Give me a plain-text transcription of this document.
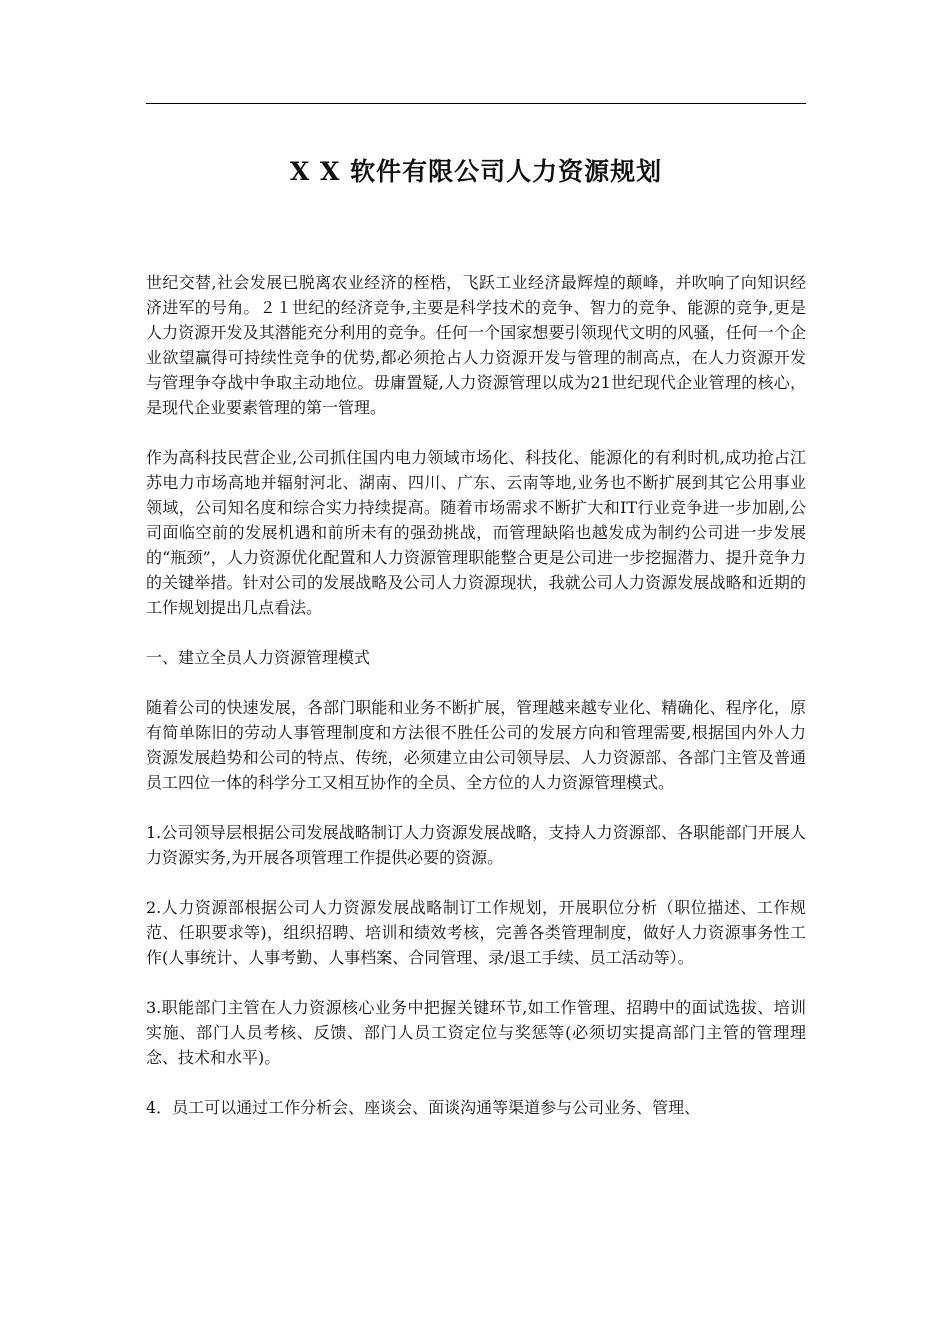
X X 软件有限公司人力资源规划

世纪交替,社会发展已脱离农业经济的桎梏，飞跃工业经济最辉煌的颠峰，并吹响了向知识经济进军的号角。２１世纪的经济竞争,主要是科学技术的竞争、智力的竞争、能源的竞争,更是人力资源开发及其潜能充分利用的竞争。任何一个国家想要引领现代文明的风骚，任何一个企业欲望赢得可持续性竞争的优势,都必须抢占人力资源开发与管理的制高点，在人力资源开发与管理争夺战中争取主动地位。毋庸置疑,人力资源管理以成为21世纪现代企业管理的核心，是现代企业要素管理的第一管理。

作为高科技民营企业,公司抓住国内电力领域市场化、科技化、能源化的有利时机,成功抢占江苏电力市场高地并辐射河北、湖南、四川、广东、云南等地,业务也不断扩展到其它公用事业领域，公司知名度和综合实力持续提高。随着市场需求不断扩大和IT行业竞争进一步加剧,公司面临空前的发展机遇和前所未有的强劲挑战，而管理缺陷也越发成为制约公司进一步发展的“瓶颈”，人力资源优化配置和人力资源管理职能整合更是公司进一步挖掘潜力、提升竞争力的关键举措。针对公司的发展战略及公司人力资源现状，我就公司人力资源发展战略和近期的工作规划提出几点看法。

一、建立全员人力资源管理模式

随着公司的快速发展，各部门职能和业务不断扩展，管理越来越专业化、精确化、程序化，原有简单陈旧的劳动人事管理制度和方法很不胜任公司的发展方向和管理需要,根据国内外人力资源发展趋势和公司的特点、传统，必须建立由公司领导层、人力资源部、各部门主管及普通员工四位一体的科学分工又相互协作的全员、全方位的人力资源管理模式。

1.公司领导层根据公司发展战略制订人力资源发展战略，支持人力资源部、各职能部门开展人力资源实务,为开展各项管理工作提供必要的资源。

2.人力资源部根据公司人力资源发展战略制订工作规划，开展职位分析（职位描述、工作规范、任职要求等)，组织招聘、培训和绩效考核，完善各类管理制度，做好人力资源事务性工作(人事统计、人事考勤、人事档案、合同管理、录/退工手续、员工活动等）。

3.职能部门主管在人力资源核心业务中把握关键环节,如工作管理、招聘中的面试选拔、培训实施、部门人员考核、反馈、部门人员工资定位与奖惩等(必须切实提高部门主管的管理理念、技术和水平)。

4．员工可以通过工作分析会、座谈会、面谈沟通等渠道参与公司业务、管理、
